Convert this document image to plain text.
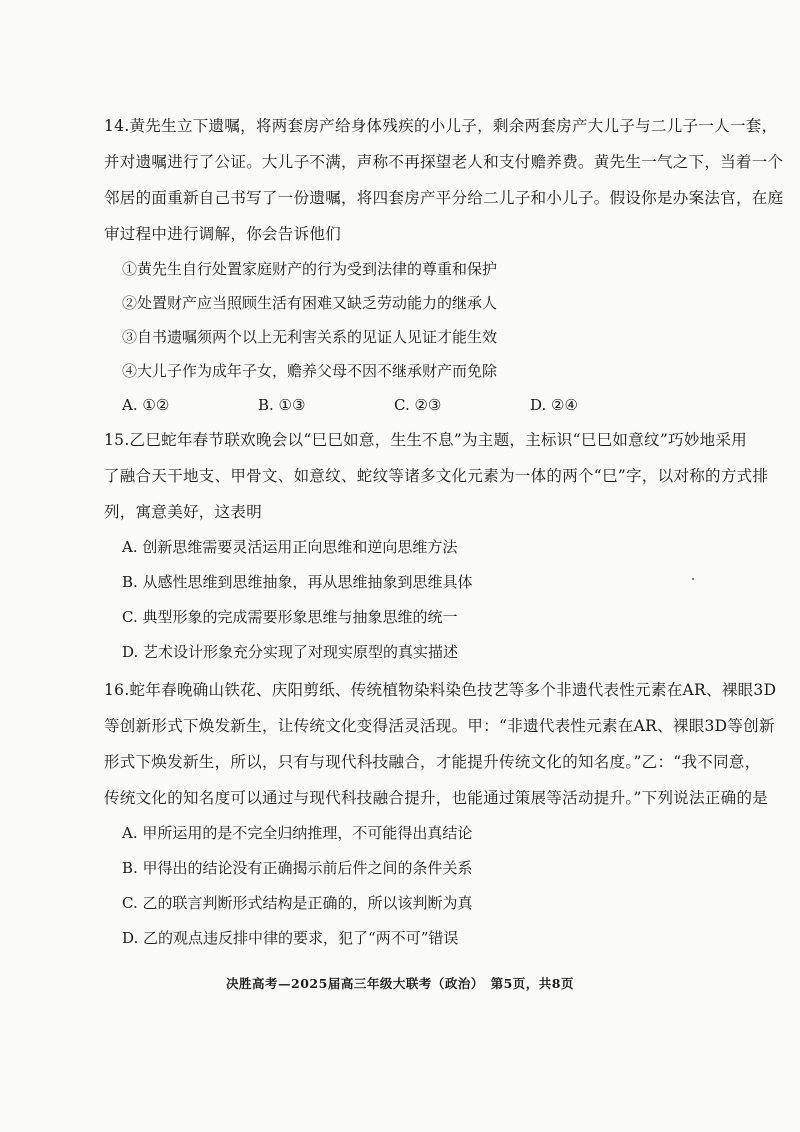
14.黄先生立下遗嘱，将两套房产给身体残疾的小儿子，剩余两套房产大儿子与二儿子一人一套，
并对遗嘱进行了公证。大儿子不满，声称不再探望老人和支付赡养费。黄先生一气之下，当着一个
邻居的面重新自己书写了一份遗嘱，将四套房产平分给二儿子和小儿子。假设你是办案法官，在庭
审过程中进行调解，你会告诉他们

①黄先生自行处置家庭财产的行为受到法律的尊重和保护
②处置财产应当照顾生活有困难又缺乏劳动能力的继承人
③自书遗嘱须两个以上无利害关系的见证人见证才能生效
④大儿子作为成年子女，赡养父母不因不继承财产而免除
A. ①②	B. ①③	C. ②③	D. ②④

15.乙巳蛇年春节联欢晚会以“巳巳如意，生生不息”为主题，主标识“巳巳如意纹”巧妙地采用
了融合天干地支、甲骨文、如意纹、蛇纹等诸多文化元素为一体的两个“巳”字，以对称的方式排
列，寓意美好，这表明

A. 创新思维需要灵活运用正向思维和逆向思维方法
B. 从感性思维到思维抽象，再从思维抽象到思维具体
C. 典型形象的完成需要形象思维与抽象思维的统一
D. 艺术设计形象充分实现了对现实原型的真实描述

16.蛇年春晚确山铁花、庆阳剪纸、传统植物染料染色技艺等多个非遗代表性元素在AR、裸眼3D
等创新形式下焕发新生，让传统文化变得活灵活现。甲：“非遗代表性元素在AR、裸眼3D等创新
形式下焕发新生，所以，只有与现代科技融合，才能提升传统文化的知名度。”乙：“我不同意，
传统文化的知名度可以通过与现代科技融合提升，也能通过策展等活动提升。”下列说法正确的是

A. 甲所运用的是不完全归纳推理，不可能得出真结论
B. 甲得出的结论没有正确揭示前后件之间的条件关系
C. 乙的联言判断形式结构是正确的，所以该判断为真
D. 乙的观点违反排中律的要求，犯了“两不可”错误
决胜高考—2025届高三年级大联考（政治）　第5页，共8页
